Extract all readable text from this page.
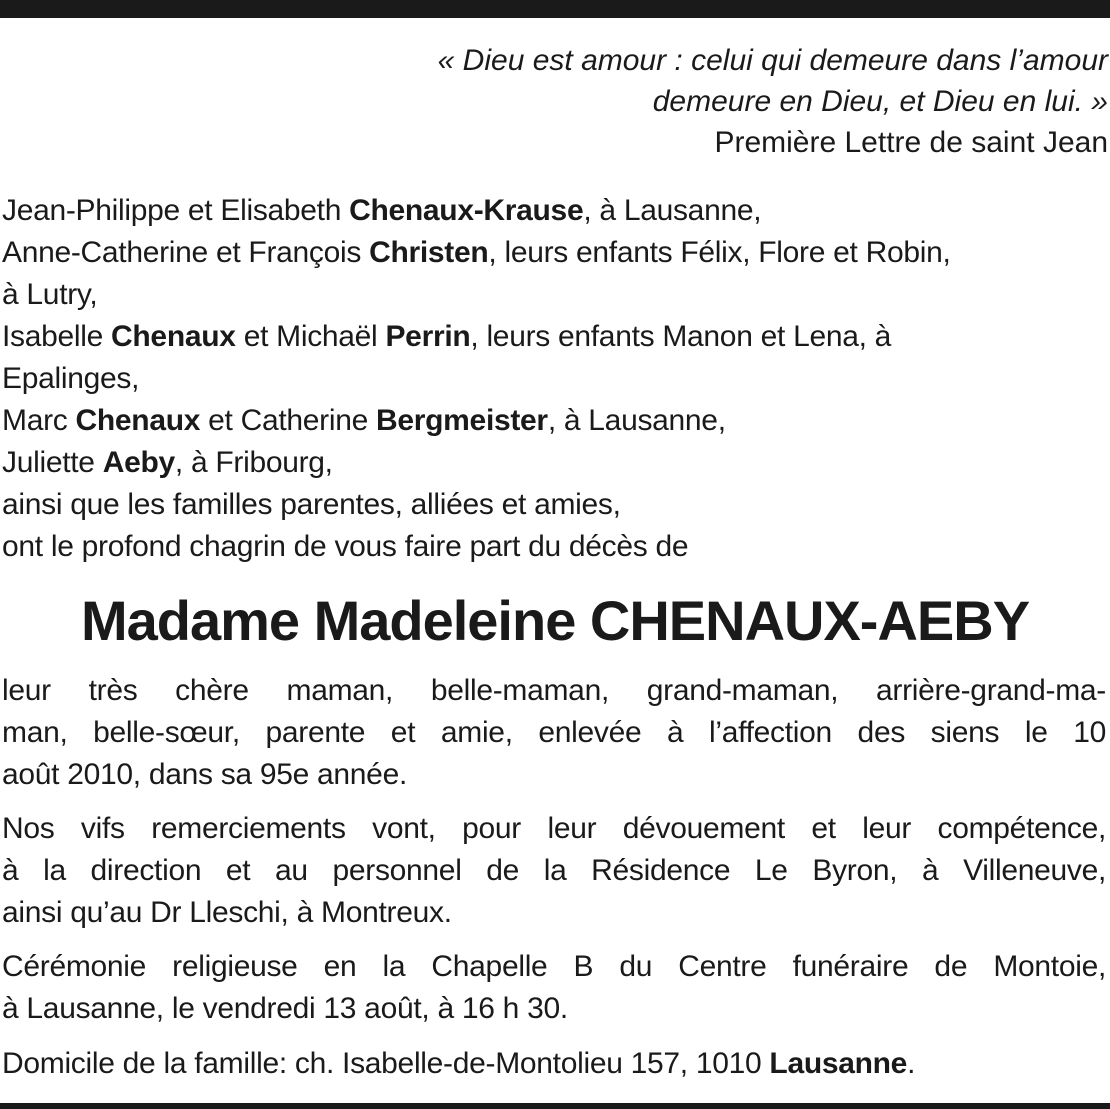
« Dieu est amour : celui qui demeure dans l’amour
demeure en Dieu, et Dieu en lui. »
Première Lettre de saint Jean
Jean-Philippe et Elisabeth Chenaux-Krause, à Lausanne,
Anne-Catherine et François Christen, leurs enfants Félix, Flore et Robin,
à Lutry,
Isabelle Chenaux et Michaël Perrin, leurs enfants Manon et Lena, à
Epalinges,
Marc Chenaux et Catherine Bergmeister, à Lausanne,
Juliette Aeby, à Fribourg,
ainsi que les familles parentes, alliées et amies,
ont le profond chagrin de vous faire part du décès de
Madame Madeleine CHENAUX-AEBY
leur très chère maman, belle-maman, grand-maman, arrière-grand-ma-
man, belle-sœur, parente et amie, enlevée à l’affection des siens le 10
août 2010, dans sa 95e année.
Nos vifs remerciements vont, pour leur dévouement et leur compétence,
à la direction et au personnel de la Résidence Le Byron, à Villeneuve,
ainsi qu’au Dr Lleschi, à Montreux.
Cérémonie religieuse en la Chapelle B du Centre funéraire de Montoie,
à Lausanne, le vendredi 13 août, à 16 h 30.
Domicile de la famille: ch. Isabelle-de-Montolieu 157, 1010 Lausanne.
